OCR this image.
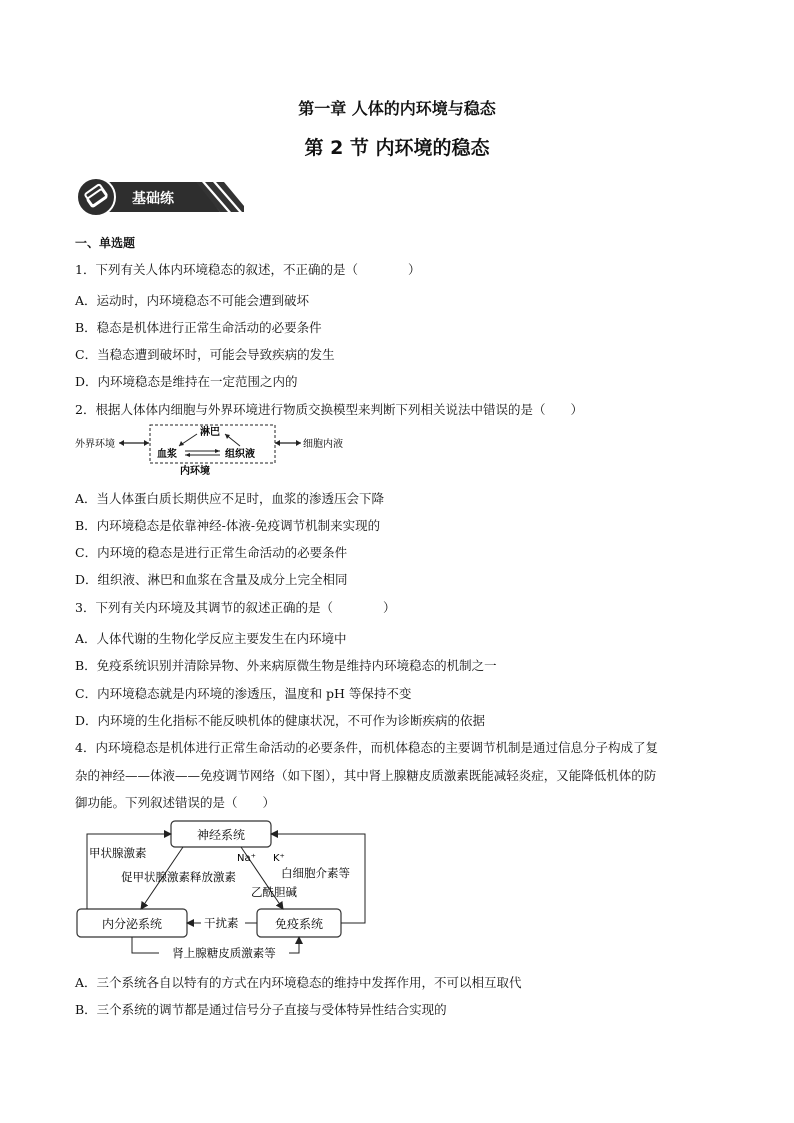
第一章 人体的内环境与稳态
第 2 节 内环境的稳态
基础练
一、单选题
1．下列有关人体内环境稳态的叙述，不正确的是（　　　　）
A．运动时，内环境稳态不可能会遭到破坏
B．稳态是机体进行正常生命活动的必要条件
C．当稳态遭到破坏时，可能会导致疾病的发生
D．内环境稳态是维持在一定范围之内的
2．根据人体体内细胞与外界环境进行物质交换模型来判断下列相关说法中错误的是（　　）
外界环境
淋巴
血浆	组织液
细胞内液
内环境
A．当人体蛋白质长期供应不足时，血浆的渗透压会下降
B．内环境稳态是依靠神经-体液-免疫调节机制来实现的
C．内环境的稳态是进行正常生命活动的必要条件
D．组织液、淋巴和血浆在含量及成分上完全相同
3．下列有关内环境及其调节的叙述正确的是（　　　　）
A．人体代谢的生物化学反应主要发生在内环境中
B．免疫系统识别并清除异物、外来病原微生物是维持内环境稳态的机制之一
C．内环境稳态就是内环境的渗透压，温度和 pH 等保持不变
D．内环境的生化指标不能反映机体的健康状况，不可作为诊断疾病的依据
4．内环境稳态是机体进行正常生命活动的必要条件，而机体稳态的主要调节机制是通过信息分子构成了复
杂的神经——体液——免疫调节网络（如下图），其中肾上腺糖皮质激素既能减轻炎症，又能降低机体的防
御功能。下列叙述错误的是（　　）
神经系统
内分泌系统	免疫系统
甲状腺激素
促甲状腺激素释放激素
Na⁺ K⁺
乙酰胆碱
白细胞介素等
干扰素
肾上腺糖皮质激素等
A．三个系统各自以特有的方式在内环境稳态的维持中发挥作用，不可以相互取代
B．三个系统的调节都是通过信号分子直接与受体特异性结合实现的
